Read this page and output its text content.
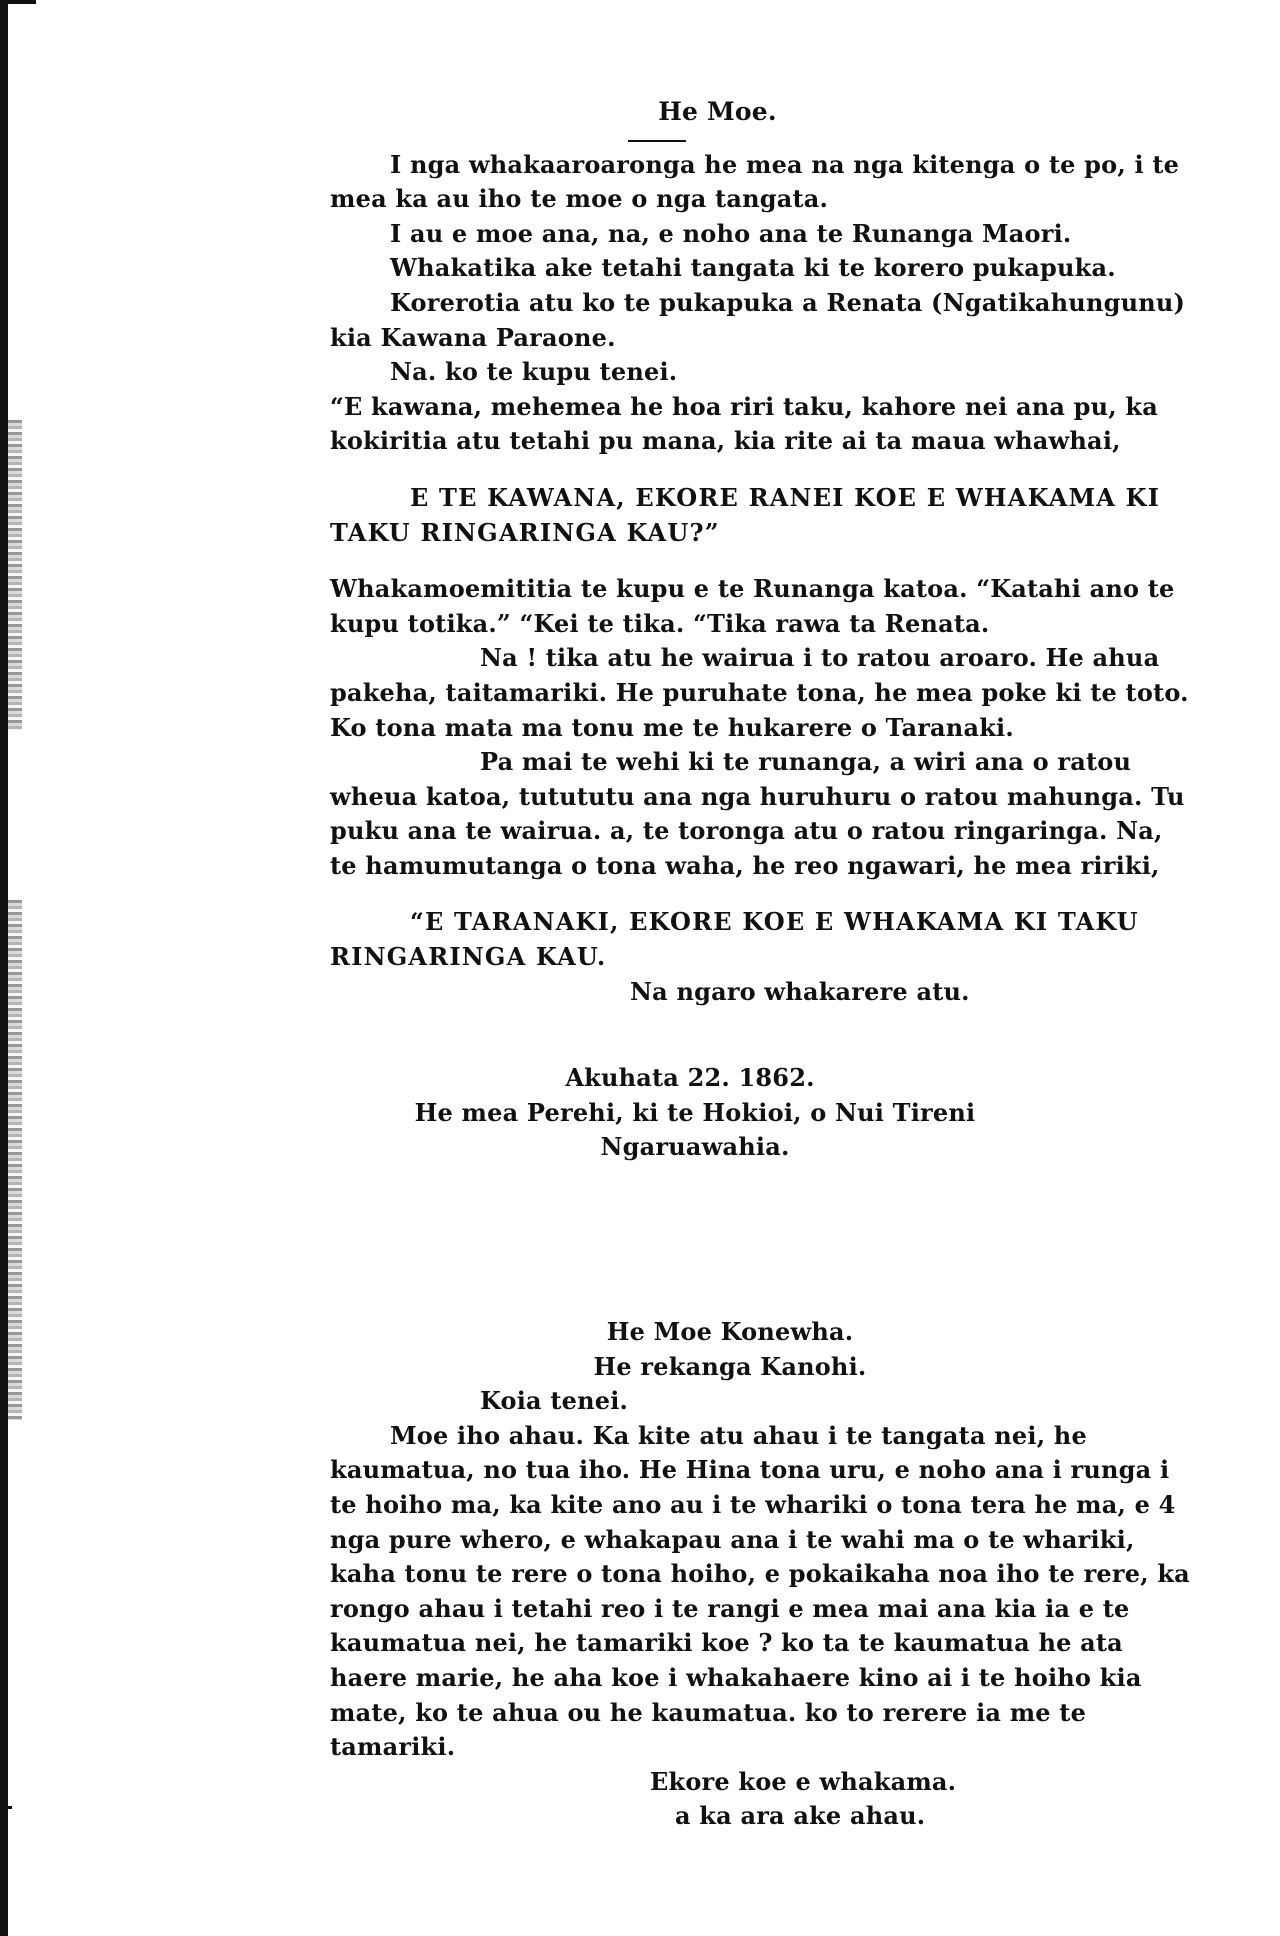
He Moe.

I nga whakaaroaronga he mea na nga kitenga o te po, i te mea ka au iho te moe o nga tangata.

I au e moe ana, na, e noho ana te Runanga Maori.

Whakatika ake tetahi tangata ki te korero pukapuka.

Korerotia atu ko te pukapuka a Renata (Ngatikahungunu) kia Kawana Paraone.

Na. ko te kupu tenei.

“E kawana, mehemea he hoa riri taku, kahore nei ana pu, ka kokiritia atu tetahi pu mana, kia rite ai ta maua whawhai,

E TE KAWANA, EKORE RANEI KOE E WHAKAMA KI TAKU RINGARINGA KAU?”

Whakamoemititia te kupu e te Runanga katoa. “Katahi ano te kupu totika.” “Kei te tika. “Tika rawa ta Renata.

Na ! tika atu he wairua i to ratou aroaro. He ahua pakeha, taitamariki. He puruhate tona, he mea poke ki te toto. Ko tona mata ma tonu me te hukarere o Taranaki.

Pa mai te wehi ki te runanga, a wiri ana o ratou wheua katoa, tutututu ana nga huruhuru o ratou mahunga. Tu puku ana te wairua. a, te toronga atu o ratou ringaringa. Na, te hamumutanga o tona waha, he reo ngawari, he mea ririki,

“E TARANAKI, EKORE KOE E WHAKAMA KI TAKU RINGARINGA KAU.

Na ngaro whakarere atu.

Akuhata 22. 1862.
He mea Perehi, ki te Hokioi, o Nui Tireni
Ngaruawahia.
He Moe Konewha.
He rekanga Kanohi.

Koia tenei.

Moe iho ahau. Ka kite atu ahau i te tangata nei, he kaumatua, no tua iho. He Hina tona uru, e noho ana i runga i te hoiho ma, ka kite ano au i te whariki o tona tera he ma, e 4 nga pure whero, e whakapau ana i te wahi ma o te whariki, kaha tonu te rere o tona hoiho, e pokaikaha noa iho te rere, ka rongo ahau i tetahi reo i te rangi e mea mai ana kia ia e te kaumatua nei, he tamariki koe ? ko ta te kaumatua he ata haere marie, he aha koe i whakahaere kino ai i te hoiho kia mate, ko te ahua ou he kaumatua. ko to rerere ia me te tamariki.

Ekore koe e whakama.

a ka ara ake ahau.
